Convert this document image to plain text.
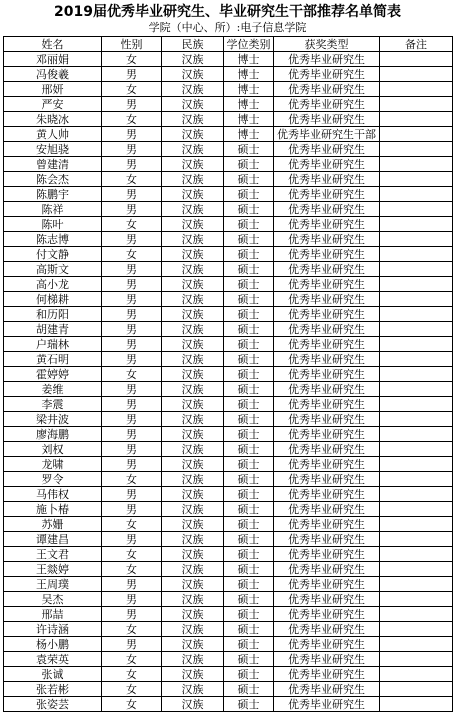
2019届优秀毕业研究生、毕业研究生干部推荐名单简表
学院（中心、所）:电子信息学院
姓名	性别	民族	学位类别	获奖类型	备注
邓丽娟	女	汉族	博士	优秀毕业研究生	
冯俊羲	男	汉族	博士	优秀毕业研究生	
邢妍	女	汉族	博士	优秀毕业研究生	
严安	男	汉族	博士	优秀毕业研究生	
朱晓冰	女	汉族	博士	优秀毕业研究生	
黄人帅	男	汉族	博士	优秀毕业研究生干部	
安旭骁	男	汉族	硕士	优秀毕业研究生	
曾建清	男	汉族	硕士	优秀毕业研究生	
陈会杰	女	汉族	硕士	优秀毕业研究生	
陈鹏宇	男	汉族	硕士	优秀毕业研究生	
陈祥	男	汉族	硕士	优秀毕业研究生	
陈叶	女	汉族	硕士	优秀毕业研究生	
陈志博	男	汉族	硕士	优秀毕业研究生	
付文静	女	汉族	硕士	优秀毕业研究生	
高斯文	男	汉族	硕士	优秀毕业研究生	
高小龙	男	汉族	硕士	优秀毕业研究生	
何梯耕	男	汉族	硕士	优秀毕业研究生	
和历阳	男	汉族	硕士	优秀毕业研究生	
胡建青	男	汉族	硕士	优秀毕业研究生	
户瑞林	男	汉族	硕士	优秀毕业研究生	
黄石明	男	汉族	硕士	优秀毕业研究生	
霍婷婷	女	汉族	硕士	优秀毕业研究生	
姜维	男	汉族	硕士	优秀毕业研究生	
李震	男	汉族	硕士	优秀毕业研究生	
梁井波	男	汉族	硕士	优秀毕业研究生	
廖海鹏	男	汉族	硕士	优秀毕业研究生	
刘权	男	汉族	硕士	优秀毕业研究生	
龙啸	男	汉族	硕士	优秀毕业研究生	
罗令	女	汉族	硕士	优秀毕业研究生	
马伟权	男	汉族	硕士	优秀毕业研究生	
施卜椿	男	汉族	硕士	优秀毕业研究生	
苏姗	女	汉族	硕士	优秀毕业研究生	
谭建昌	男	汉族	硕士	优秀毕业研究生	
王文君	女	汉族	硕士	优秀毕业研究生	
王燚婷	女	汉族	硕士	优秀毕业研究生	
王周璞	男	汉族	硕士	优秀毕业研究生	
吴杰	男	汉族	硕士	优秀毕业研究生	
邢喆	男	汉族	硕士	优秀毕业研究生	
许诗涵	女	汉族	硕士	优秀毕业研究生	
杨小鹏	男	汉族	硕士	优秀毕业研究生	
袁荣英	女	汉族	硕士	优秀毕业研究生	
张诚	女	汉族	硕士	优秀毕业研究生	
张若彬	女	汉族	硕士	优秀毕业研究生	
张姿芸	女	汉族	硕士	优秀毕业研究生	
